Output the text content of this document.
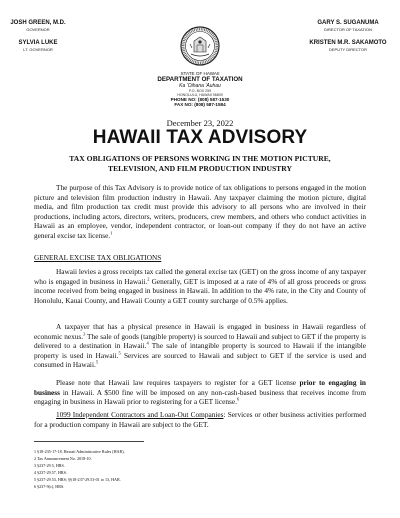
JOSH GREEN, M.D.
GOVERNOR
SYLVIA LUKE
LT. GOVERNOR
GARY S. SUGANUMA
DIRECTOR OF TAXATION
KRISTEN M.R. SAKAMOTO
DEPUTY DIRECTOR
STATE OF HAWAII
DEPARTMENT OF TAXATION
Ka ʻOihana ʻAuhau
P.O. BOX 259
HONOLULU, HAWAII 96809
PHONE NO: (808) 587-1530
FAX NO: (808) 587-1584
December 23, 2022
HAWAII TAX ADVISORY
TAX OBLIGATIONS OF PERSONS WORKING IN THE MOTION PICTURE,
TELEVISION, AND FILM PRODUCTION INDUSTRY
The purpose of this Tax Advisory is to provide notice of tax obligations to persons engaged in the motion picture and television film production industry in Hawaii. Any taxpayer claiming the motion picture, digital media, and film production tax credit must provide this advisory to all persons who are involved in their productions, including actors, directors, writers, producers, crew members, and others who conduct activities in Hawaii as an employee, vendor, independent contractor, or loan-out company if they do not have an active general excise tax license.$^1$
GENERAL EXCISE TAX OBLIGATIONS
Hawaii levies a gross receipts tax called the general excise tax (GET) on the gross income of any taxpayer who is engaged in business in Hawaii.$^2$ Generally, GET is imposed at a rate of 4% of all gross proceeds or gross income received from being engaged in business in Hawaii. In addition to the 4% rate, in the City and County of Honolulu, Kauai County, and Hawaii County a GET county surcharge of 0.5% applies.
A taxpayer that has a physical presence in Hawaii is engaged in business in Hawaii regardless of economic nexus.$^3$ The sale of goods (tangible property) is sourced to Hawaii and subject to GET if the property is delivered to a destination in Hawaii.$^4$ The sale of intangible property is sourced to Hawaii if the intangible property is used in Hawaii.$^5$ Services are sourced to Hawaii and subject to GET if the service is used and consumed in Hawaii.$^5$
Please note that Hawaii law requires taxpayers to register for a GET license prior to engaging in business in Hawaii. A $500 fine will be imposed on any non-cash-based business that receives income from engaging in business in Hawaii prior to registering for a GET license.$^6$
1099 Independent Contractors and Loan-Out Companies: Services or other business activities performed for a production company in Hawaii are subject to the GET.
1 §18-235-17-18, Hawaii Administrative Rules (HAR).
2 Tax Announcement No. 2018-10.
3 §237-29.5, HRS.
4 §237-29.57, HRS.
5 §237-29.53, HRS; §§18-237-29.53-01 to 13, HAR.
6 §237-9(c), HRS.
